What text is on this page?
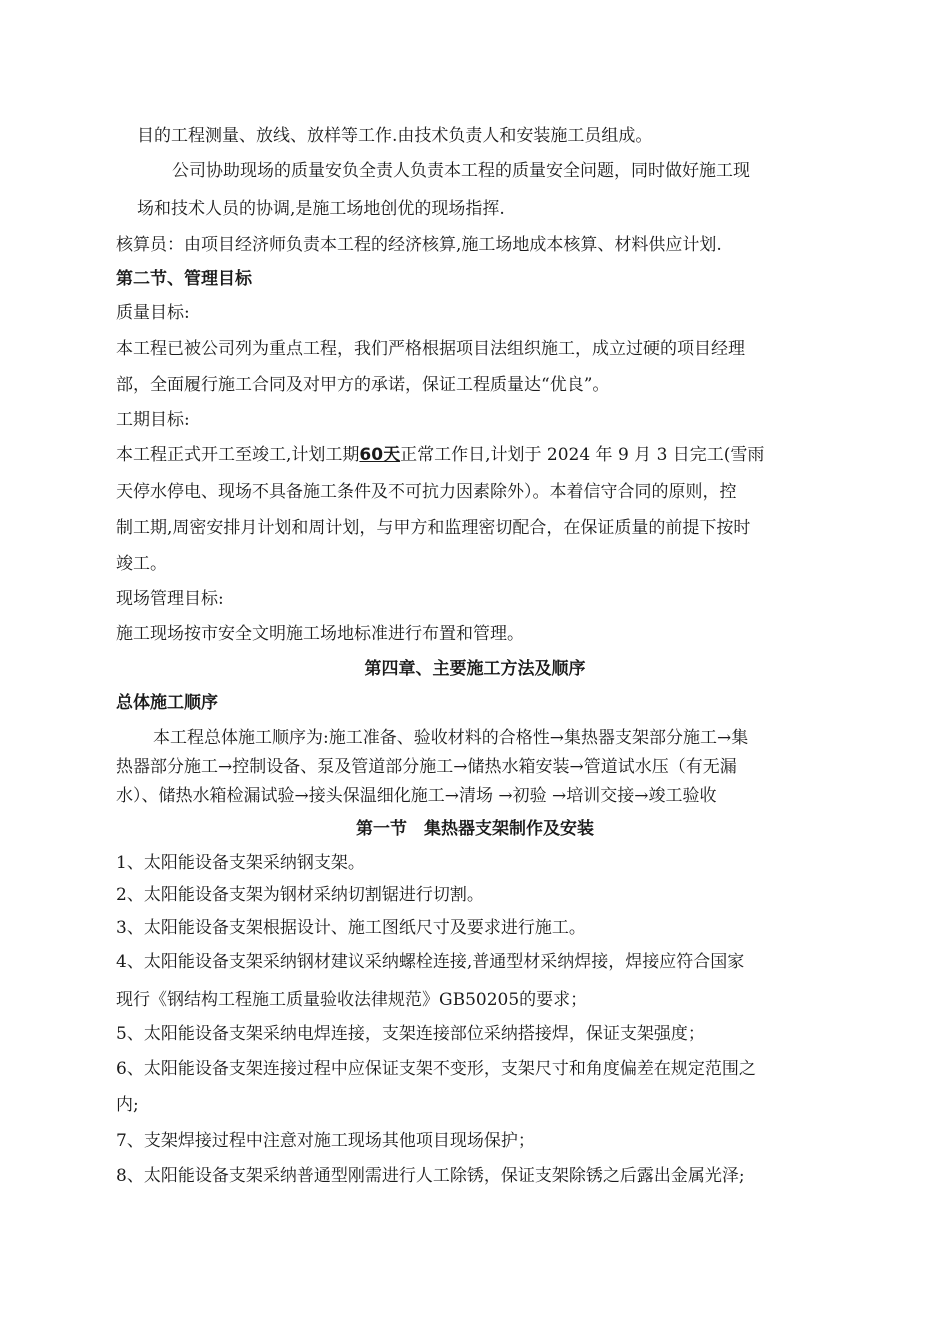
目的工程测量、放线、放样等工作.由技术负责人和安装施工员组成。
公司协助现场的质量安负全责人负责本工程的质量安全问题，同时做好施工现
场和技术人员的协调,是施工场地创优的现场指挥.
核算员：由项目经济师负责本工程的经济核算,施工场地成本核算、材料供应计划.
第二节、管理目标
质量目标:
本工程已被公司列为重点工程，我们严格根据项目法组织施工，成立过硬的项目经理
部，全面履行施工合同及对甲方的承诺，保证工程质量达“优良”。
工期目标:
本工程正式开工至竣工,计划工期60天正常工作日,计划于 2024 年 9 月 3 日完工(雪雨
天停水停电、现场不具备施工条件及不可抗力因素除外）。本着信守合同的原则，控
制工期,周密安排月计划和周计划，与甲方和监理密切配合，在保证质量的前提下按时
竣工。
现场管理目标:
施工现场按市安全文明施工场地标准进行布置和管理。
第四章、主要施工方法及顺序
总体施工顺序
本工程总体施工顺序为:施工准备、验收材料的合格性→集热器支架部分施工→集
热器部分施工→控制设备、泵及管道部分施工→储热水箱安装→管道试水压（有无漏
水）、储热水箱检漏试验→接头保温细化施工→清场 →初验 →培训交接→竣工验收
第一节　集热器支架制作及安装
1、太阳能设备支架采纳钢支架。
2、太阳能设备支架为钢材采纳切割锯进行切割。
3、太阳能设备支架根据设计、施工图纸尺寸及要求进行施工。
4、太阳能设备支架采纳钢材建议采纳螺栓连接,普通型材采纳焊接，焊接应符合国家
现行《钢结构工程施工质量验收法律规范》GB50205的要求；
5、太阳能设备支架采纳电焊连接，支架连接部位采纳搭接焊，保证支架强度；
6、太阳能设备支架连接过程中应保证支架不变形，支架尺寸和角度偏差在规定范围之
内;
7、支架焊接过程中注意对施工现场其他项目现场保护；
8、太阳能设备支架采纳普通型刚需进行人工除锈，保证支架除锈之后露出金属光泽;
